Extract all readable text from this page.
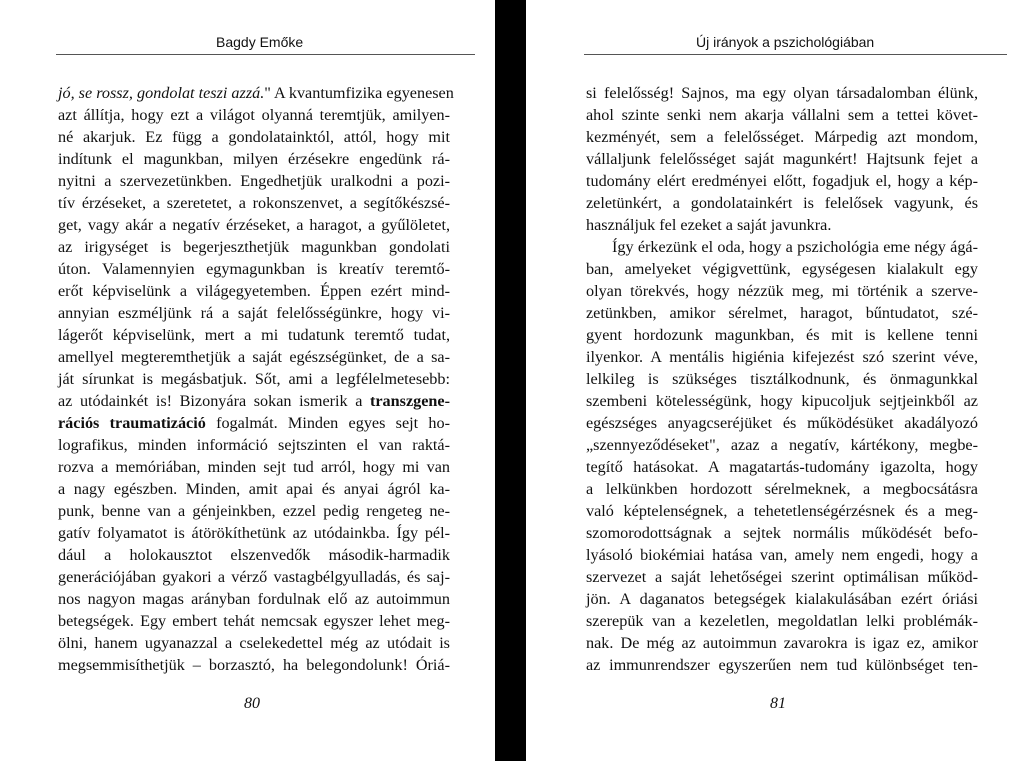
Bagdy Emőke
jó, se rossz, gondolat teszi azzá." A kvantumfizika egyenesen
azt állítja, hogy ezt a világot olyanná teremtjük, amilyen-
né akarjuk. Ez függ a gondolatainktól, attól, hogy mit
indítunk el magunkban, milyen érzésekre engedünk rá-
nyitni a szervezetünkben. Engedhetjük uralkodni a pozi-
tív érzéseket, a szeretetet, a rokonszenvet, a segítőkészsé-
get, vagy akár a negatív érzéseket, a haragot, a gyűlöletet,
az irigységet is begerjeszthetjük magunkban gondolati
úton. Valamennyien egymagunkban is kreatív teremtő-
erőt képviselünk a világegyetemben. Éppen ezért mind-
annyian eszméljünk rá a saját felelősségünkre, hogy vi-
lágerőt képviselünk, mert a mi tudatunk teremtő tudat,
amellyel megteremthetjük a saját egészségünket, de a sa-
ját sírunkat is megásbatjuk. Sőt, ami a legfélelmetesebb:
az utódainkét is! Bizonyára sokan ismerik a transzgene-
rációs traumatizáció fogalmát. Minden egyes sejt ho-
lografikus, minden információ sejtszinten el van raktá-
rozva a memóriában, minden sejt tud arról, hogy mi van
a nagy egészben. Minden, amit apai és anyai ágról ka-
punk, benne van a génjeinkben, ezzel pedig rengeteg ne-
gatív folyamatot is átörökíthetünk az utódainkba. Így pél-
dául a holokausztot elszenvedők második-harmadik
generációjában gyakori a vérző vastagbélgyulladás, és saj-
nos nagyon magas arányban fordulnak elő az autoimmun
betegségek. Egy embert tehát nemcsak egyszer lehet meg-
ölni, hanem ugyanazzal a cselekedettel még az utódait is
megsemmisíthetjük – borzasztó, ha belegondolunk! Óriá-
80
Új irányok a pszichológiában
si felelősség! Sajnos, ma egy olyan társadalomban élünk,
ahol szinte senki nem akarja vállalni sem a tettei követ-
kezményét, sem a felelősséget. Márpedig azt mondom,
vállaljunk felelősséget saját magunkért! Hajtsunk fejet a
tudomány elért eredményei előtt, fogadjuk el, hogy a kép-
zeletünkért, a gondolatainkért is felelősek vagyunk, és
használjuk fel ezeket a saját javunkra.
Így érkezünk el oda, hogy a pszichológia eme négy ágá-
ban, amelyeket végigvettünk, egységesen kialakult egy
olyan törekvés, hogy nézzük meg, mi történik a szerve-
zetünkben, amikor sérelmet, haragot, bűntudatot, szé-
gyent hordozunk magunkban, és mit is kellene tenni
ilyenkor. A mentális higiénia kifejezést szó szerint véve,
lelkileg is szükséges tisztálkodnunk, és önmagunkkal
szembeni kötelességünk, hogy kipucoljuk sejtjeinkből az
egészséges anyagcseréjüket és működésüket akadályozó
„szennyeződéseket", azaz a negatív, kártékony, megbe-
tegítő hatásokat. A magatartás-tudomány igazolta, hogy
a lelkünkben hordozott sérelmeknek, a megbocsátásra
való képtelenségnek, a tehetetlenségérzésnek és a meg-
szomorodottságnak a sejtek normális működését befo-
lyásoló biokémiai hatása van, amely nem engedi, hogy a
szervezet a saját lehetőségei szerint optimálisan működ-
jön. A daganatos betegségek kialakulásában ezért óriási
szerepük van a kezeletlen, megoldatlan lelki problémák-
nak. De még az autoimmun zavarokra is igaz ez, amikor
az immunrendszer egyszerűen nem tud különbséget ten-
81
